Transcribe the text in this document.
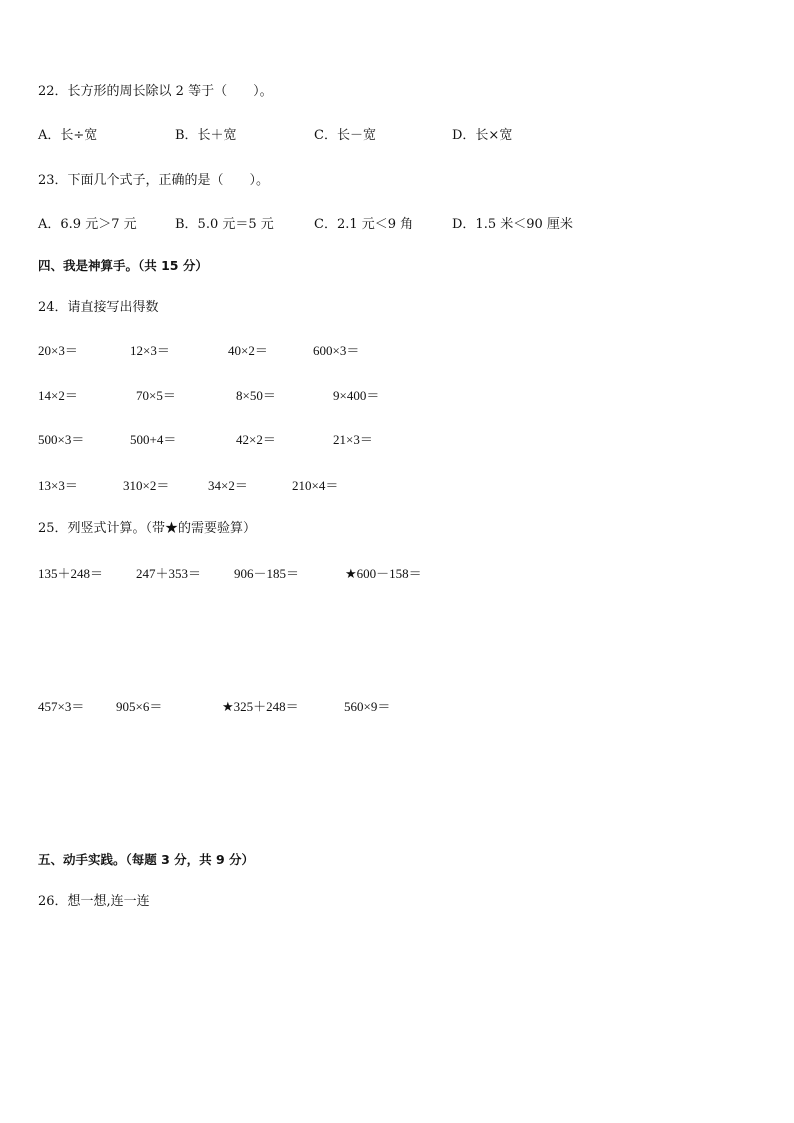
22．长方形的周长除以 2 等于（　　）。
A．长÷宽	B．长＋宽	C．长－宽	D．长×宽
23．下面几个式子，正确的是（　　）。
A．6.9 元＞7 元	B．5.0 元＝5 元	C．2.1 元＜9 角	D．1.5 米＜90 厘米
四、我是神算手。（共 15 分）
24．请直接写出得数
20×3＝	12×3＝	40×2＝	600×3＝
14×2＝	70×5＝	8×50＝	9×400＝
500×3＝	500+4＝	42×2＝	21×3＝
13×3＝	310×2＝	34×2＝	210×4＝
25．列竖式计算。（带★的需要验算）
135＋248＝	247＋353＝	906－185＝	★600－158＝
457×3＝ 905×6＝	★325＋248＝	560×9＝
五、动手实践。（每题 3 分，共 9 分）
26．想一想,连一连
